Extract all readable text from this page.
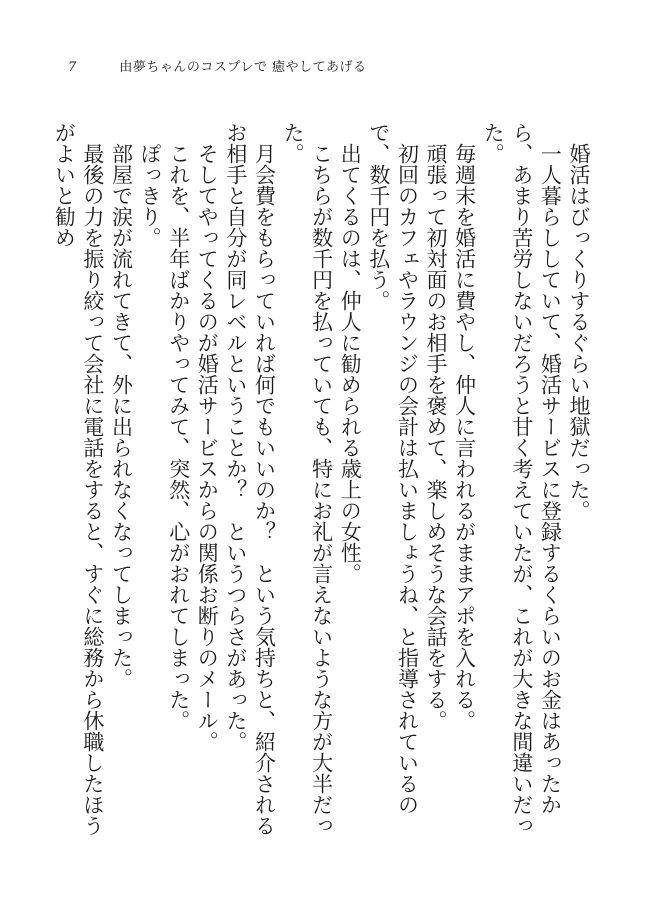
7	由夢ちゃんのコスプレで 癒やしてあげる

婚活はびっくりするぐらい地獄だった。

一人暮らししていて、婚活サービスに登録するくらいのお金はあったから、あまり苦労しないだろうと甘く考えていたが、これが大きな間違いだった。

毎週末を婚活に費やし、仲人に言われるがままアポを入れる。

頑張って初対面のお相手を褒めて、楽しめそうな会話をする。

初回のカフェやラウンジの会計は払いましょうね、と指導されているので、数千円を払う。

出てくるのは、仲人に勧められる歳上の女性。

こちらが数千円を払っていても、特にお礼が言えないような方が大半だった。

月会費をもらっていれば何でもいいのか？　という気持ちと、紹介されるお相手と自分が同レベルということか？　というつらさがあった。

そしてやってくるのが婚活サービスからの関係お断りのメール。

これを、半年ばかりやってみて、突然、心がおれてしまった。

ぽっきり。

部屋で涙が流れてきて、外に出られなくなってしまった。

最後の力を振り絞って会社に電話をすると、すぐに総務から休職したほうがよいと勧め
